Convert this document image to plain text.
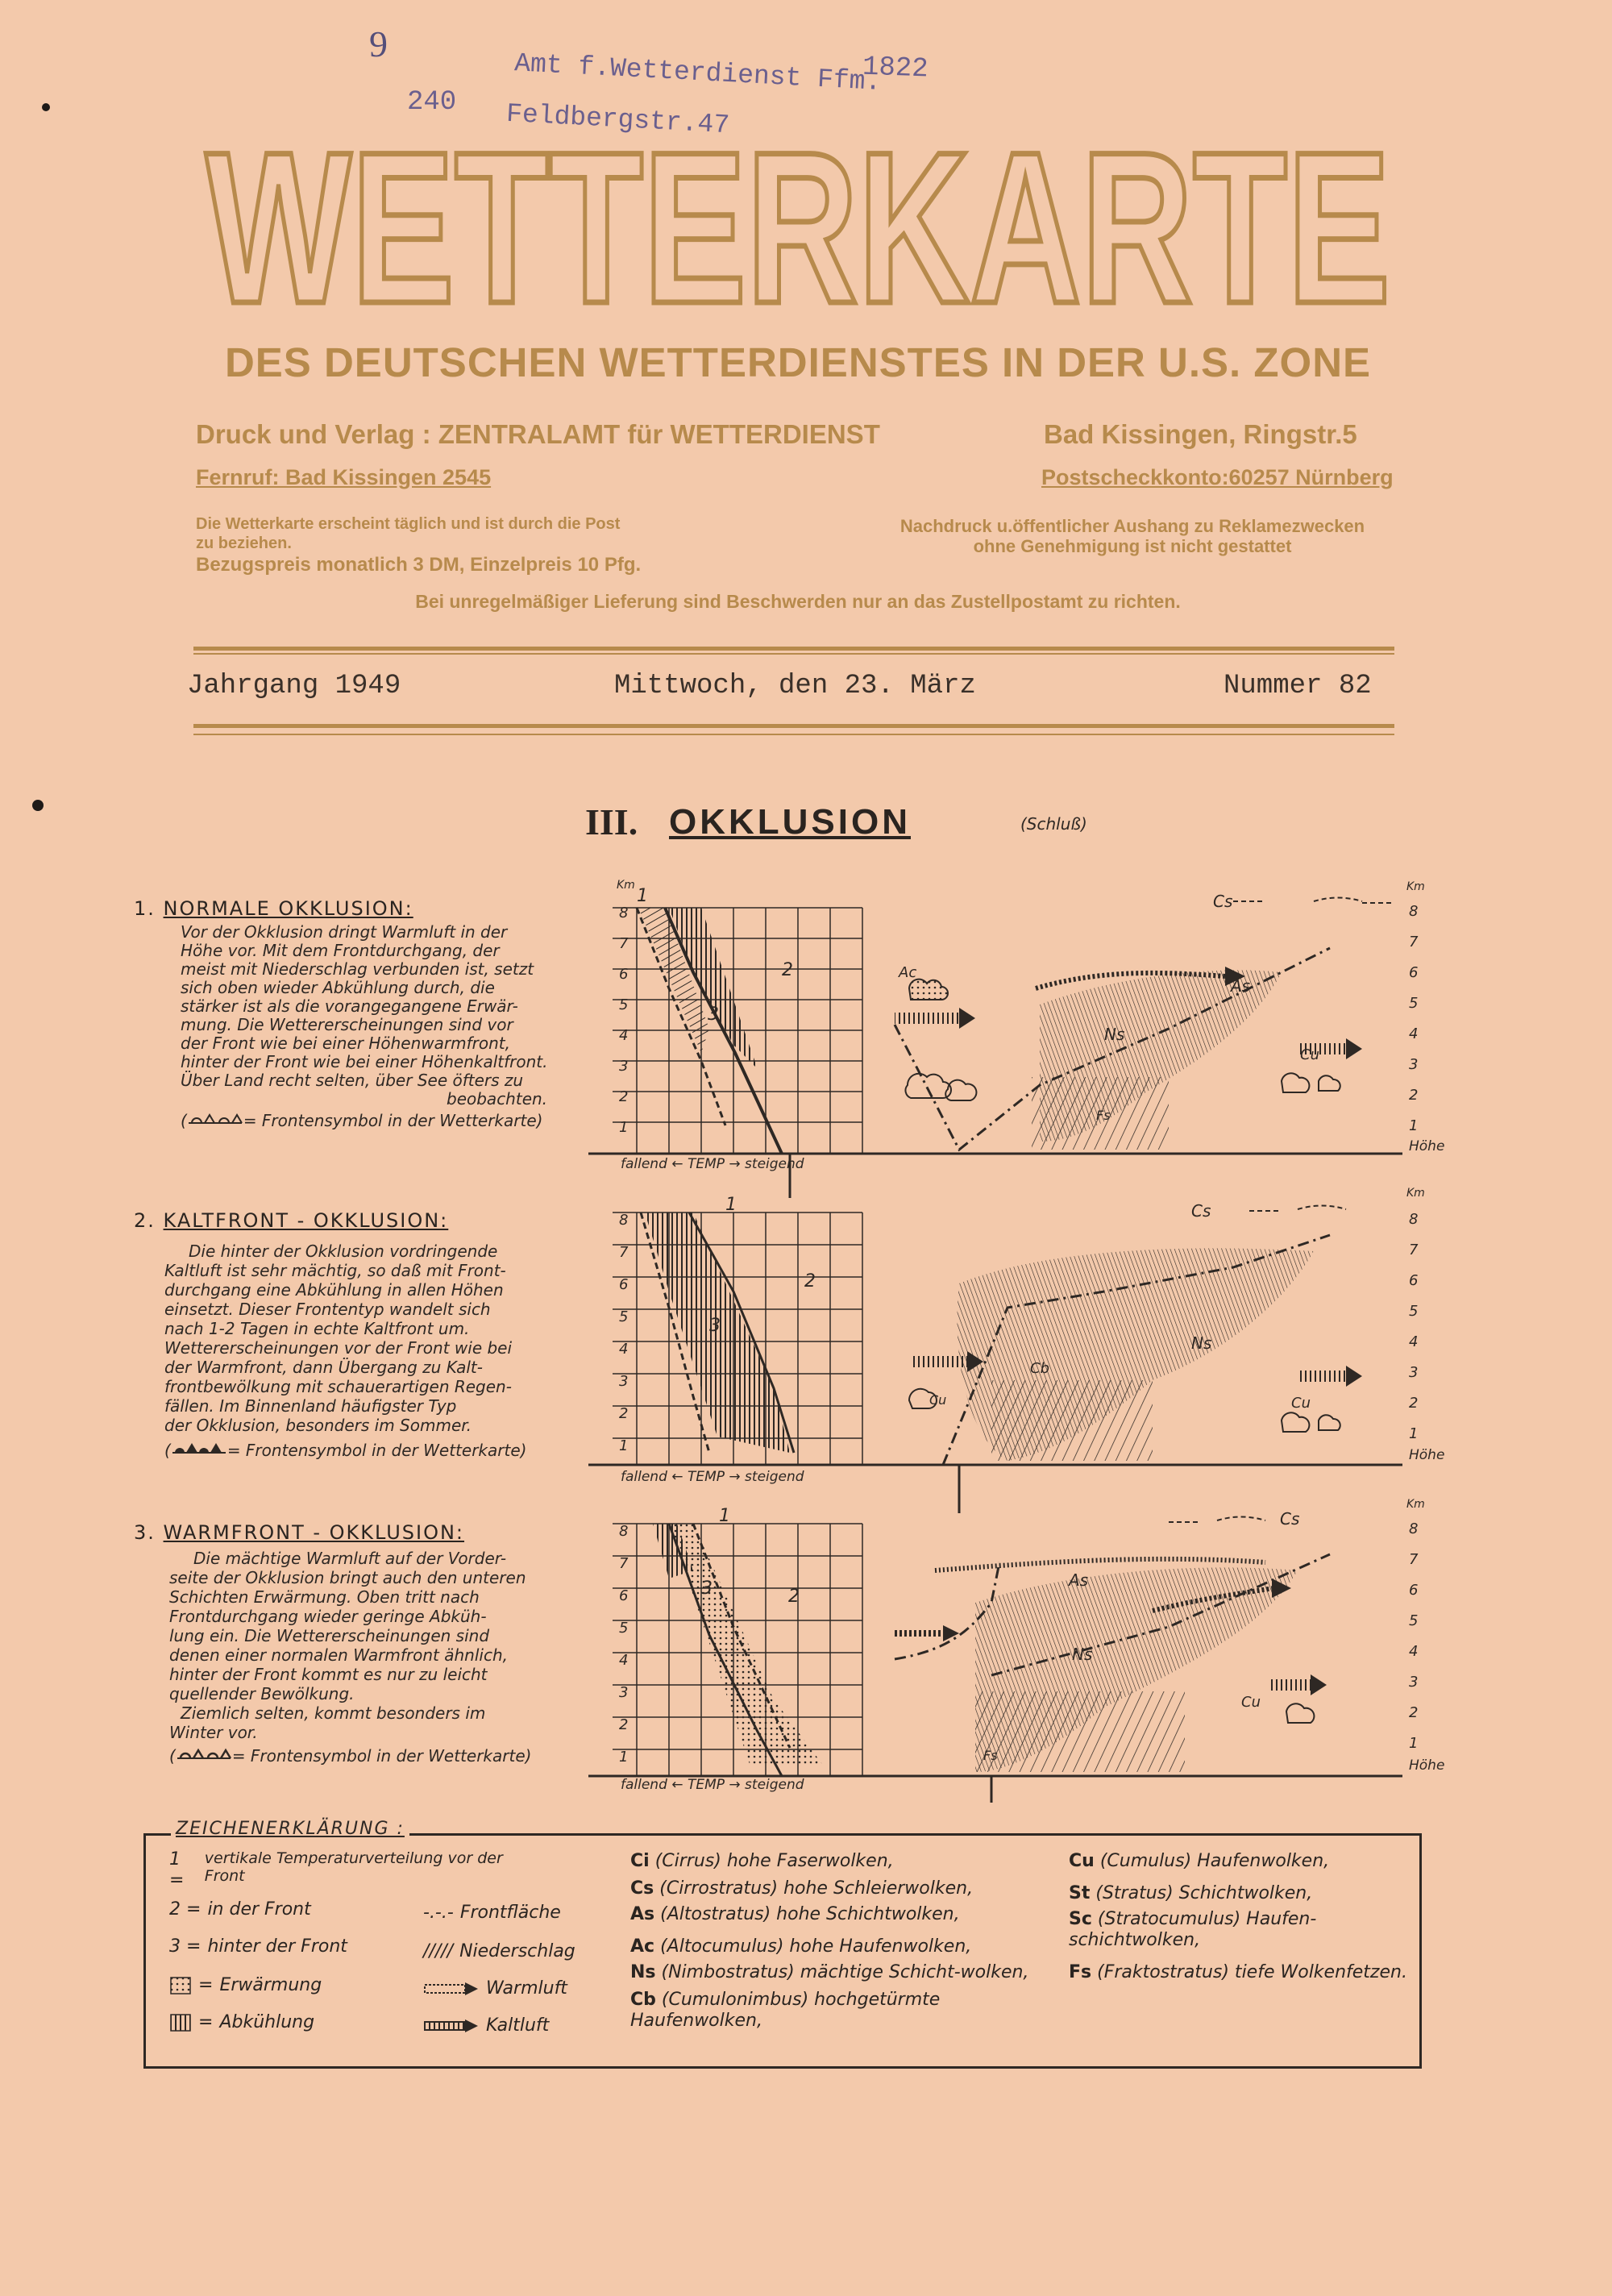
9
240
1822
Amt f.Wetterdienst Ffm.
Feldbergstr.47
WETTERKARTE
DES DEUTSCHEN WETTERDIENSTES IN DER U.S. ZONE
Druck und Verlag : ZENTRALAMT für WETTERDIENST	Bad Kissingen, Ringstr.5
Fernruf: Bad Kissingen 2545	Postscheckkonto:60257 Nürnberg
Die Wetterkarte erscheint täglich und ist durch die Post
zu beziehen.
Bezugspreis monatlich 3 DM, Einzelpreis 10 Pfg.
Nachdruck u.öffentlicher Aushang zu Reklamezwecken
ohne Genehmigung ist nicht gestattet
Bei unregelmäßiger Lieferung sind Beschwerden nur an das Zustellpostamt zu richten.
Jahrgang 1949	Mittwoch, den 23. März	Nummer 82
III. OKKLUSION	(Schluß)
1. NORMALE OKKLUSION:
Vor der Okklusion dringt Warmluft in der
Höhe vor. Mit dem Frontdurchgang, der
meist mit Niederschlag verbunden ist, setzt
sich oben wieder Abkühlung durch, die
stärker ist als die vorangegangene Erwär-
mung. Die Wettererscheinungen sind vor
der Front wie bei einer Höhenwarmfront,
hinter der Front wie bei einer Höhenkaltfront.
Über Land recht selten, über See öfters zu
beobachten.
(	= Frontensymbol in der Wetterkarte)
2. KALTFRONT - OKKLUSION:
Die hinter der Okklusion vordringende
Kaltluft ist sehr mächtig, so daß mit Front-
durchgang eine Abkühlung in allen Höhen
einsetzt. Dieser Frontentyp wandelt sich
nach 1-2 Tagen in echte Kaltfront um.
Wettererscheinungen vor der Front wie bei
der Warmfront, dann Übergang zu Kalt-
frontbewölkung mit schauerartigen Regen-
fällen. Im Binnenland häufigster Typ
der Okklusion, besonders im Sommer.
(	= Frontensymbol in der Wetterkarte)
3. WARMFRONT - OKKLUSION:
Die mächtige Warmluft auf der Vorder-
seite der Okklusion bringt auch den unteren
Schichten Erwärmung. Oben tritt nach
Frontdurchgang wieder geringe Abküh-
lung ein. Die Wettererscheinungen sind
denen einer normalen Warmfront ähnlich,
hinter der Front kommt es nur zu leicht
quellender Bewölkung.
Ziemlich selten, kommt besonders im
Winter vor.
(	= Frontensymbol in der Wetterkarte)
fallend ← TEMP → steigend
Cs
Ac
As
Ns
Cu
Fs
1
2
3
fallend ← TEMP → steigend
Cs
Ns
Cb
Cu	Cu
1
2
3
fallend ← TEMP → steigend
Cs
As
Ns
Cu
Fs
1
2
3
Km
8
7
6
5
4
3
2
1
8
7
6
5
4
3
2
1
8
7
6
5
4
3
2
1
Km
8
7
6
5
4
3
2
1
Höhe
Km
8
7
6
5
4
3
2
1
Höhe
Km
8
7
6
5
4
3
2
1
Höhe
ZEICHENERKLÄRUNG :
1 =
vertikale Temperaturverteilung vor der Front
2 = in der Front
3 = hinter der Front
= Erwärmung
= Abkühlung
-.-.- Frontfläche
///// Niederschlag
Warmluft
Kaltluft
Ci (Cirrus) hohe Faserwolken,
Cs (Cirrostratus) hohe Schleierwolken,
As (Altostratus) hohe Schichtwolken,
Ac (Altocumulus) hohe Haufenwolken,
Ns (Nimbostratus) mächtige Schicht-wolken,
Cb (Cumulonimbus) hochgetürmte Haufenwolken,
Cu (Cumulus) Haufenwolken,
St (Stratus) Schichtwolken,
Sc (Stratocumulus) Haufen-schichtwolken,
Fs (Fraktostratus) tiefe Wolkenfetzen.
